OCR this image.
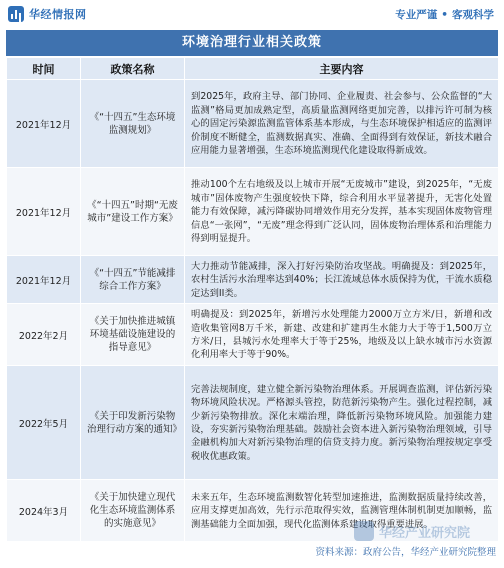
华经情报网	专业严谨 • 客观科学
环境治理行业相关政策
时间	政策名称	主要内容
2021年12月	《“十四五”生态环境监测规划》	到2025年，政府主导、部门协同、企业履责、社会参与、公众监督的“大监测”格局更加成熟定型，高质量监测网络更加完善，以排污许可制为核心的固定污染源监测监管体系基本形成，与生态环境保护相适应的监测评价制度不断健全，监测数据真实、准确、全面得到有效保证，新技术融合应用能力显著增强，生态环境监测现代化建设取得新成效。
2021年12月	《“十四五”时期“无废城市”建设工作方案》	推动100个左右地级及以上城市开展“无废城市”建设，到2025年，“无废城市”固体废物产生强度较快下降，综合利用水平显著提升，无害化处置能力有效保障，减污降碳协同增效作用充分发挥，基本实现固体废物管理信息“一张网”，“无废”理念得到广泛认同，固体废物治理体系和治理能力得到明显提升。
2021年12月	《“十四五”节能减排综合工作方案》	大力推动节能减排，深入打好污染防治攻坚战。明确提及：到2025年，农村生活污水治理率达到40%；长江流域总体水质保持为优，干流水质稳定达到II类。
2022年2月	《关于加快推进城镇环境基础设施建设的指导意见》	明确提及：到2025年，新增污水处理能力2000万立方米/日，新增和改造收集管网8万千米，新建、改建和扩建再生水能力大于等于1,500万立方米/日，县城污水处理率大于等于25%，地级及以上缺水城市污水资源化利用率大于等于90%。
2022年5月	《关于印发新污染物治理行动方案的通知》	完善法规制度，建立健全新污染物治理体系。开展调查监测，评估新污染物环境风险状况。严格源头管控，防范新污染物产生。强化过程控制，减少新污染物排放。深化末端治理，降低新污染物环境风险。加强能力建设，夯实新污染物治理基础。鼓励社会资本进入新污染物治理领域，引导金融机构加大对新污染物治理的信贷支持力度。新污染物治理按规定享受税收优惠政策。
2024年3月	《关于加快建立现代化生态环境监测体系的实施意见》	未来五年，生态环境监测数智化转型加速推进，监测数据质量持续改善，应用支撑更加高效，先行示范取得实效，监测管理体制机制更加顺畅，监测基础能力全面加强，现代化监测体系建设取得重要进展。
华经产业研究院
资料来源：政府公告，华经产业研究院整理
